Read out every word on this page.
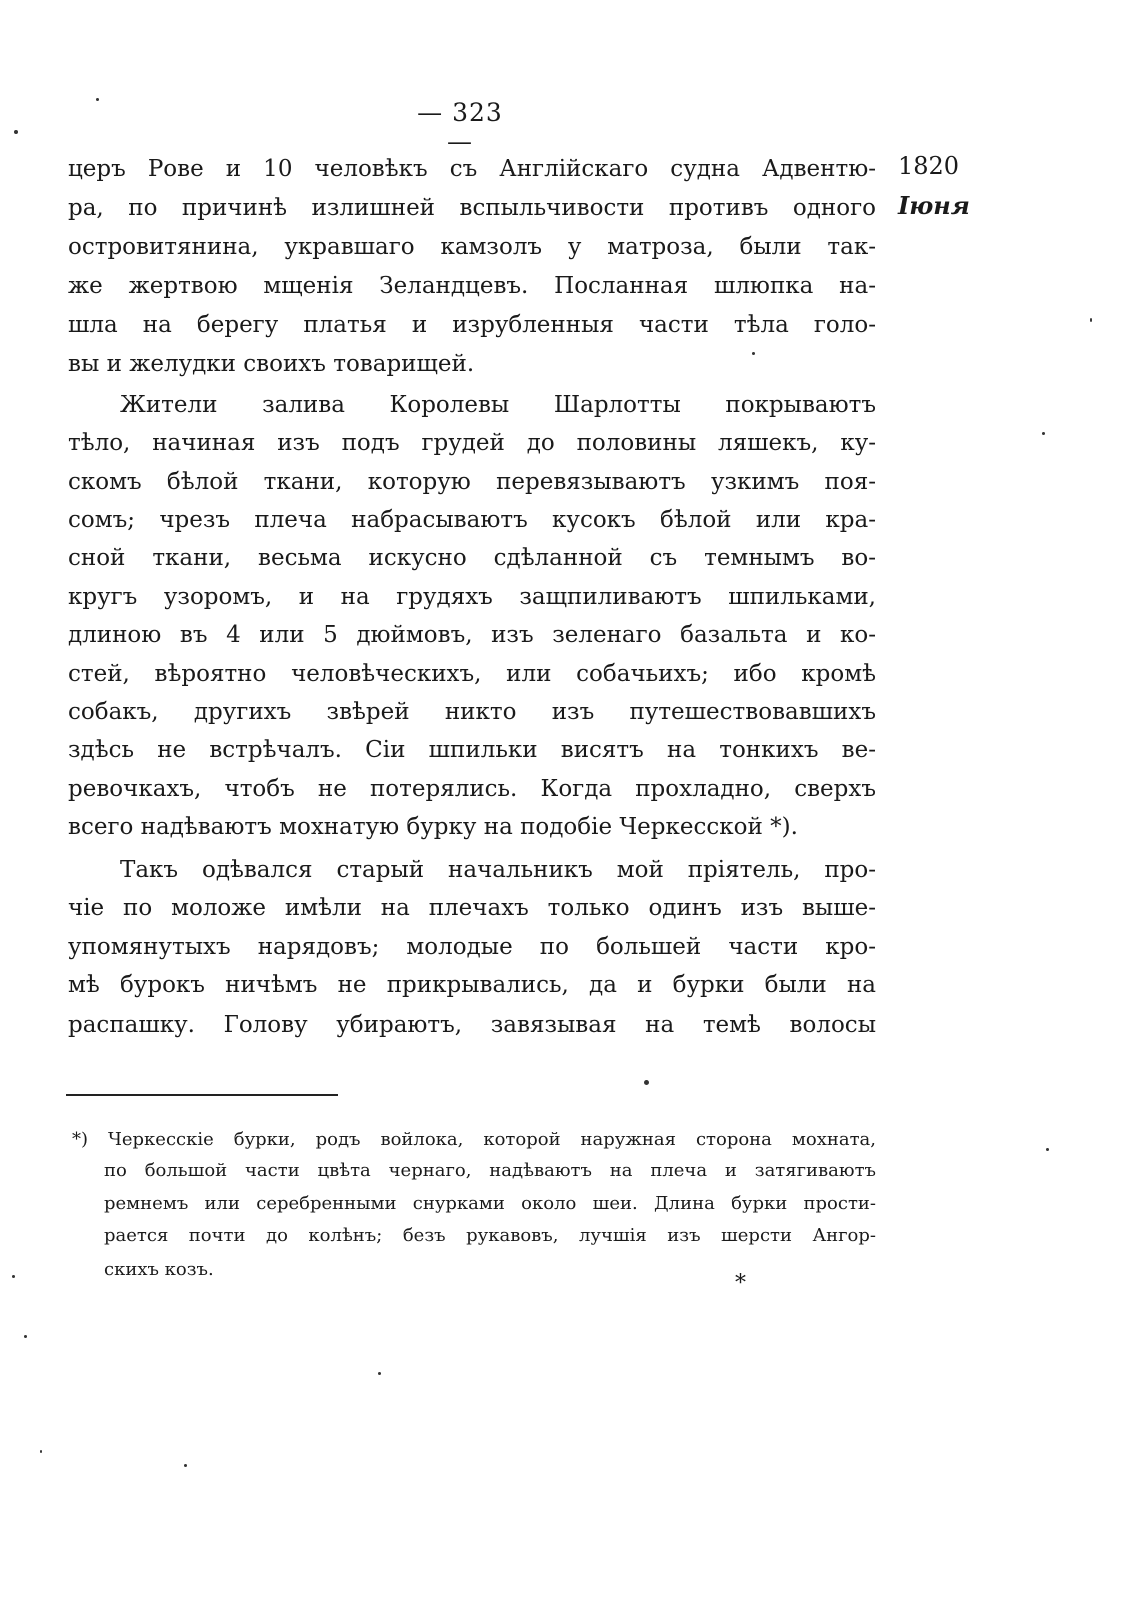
— 323 —
1820
Іюня
церъ Рове и 10 человѣкъ съ Англійскаго судна Адвентю-
ра, по причинѣ излишней вспыльчивости противъ одного
островитянина, укравшаго камзолъ у матроза, были так-
же жертвою мщенія Зеландцевъ. Посланная шлюпка на-
шла на берегу платья и изрубленныя части тѣла голо-
вы и желудки своихъ товарищей.
Жители залива Королевы Шарлотты покрываютъ
тѣло, начиная изъ подъ грудей до половины ляшекъ, ку-
скомъ бѣлой ткани, которую перевязываютъ узкимъ поя-
сомъ; чрезъ плеча набрасываютъ кусокъ бѣлой или кра-
сной ткани, весьма искусно сдѣланной съ темнымъ во-
кругъ узоромъ, и на грудяхъ защпиливаютъ шпильками,
длиною въ 4 или 5 дюймовъ, изъ зеленаго базальта и ко-
стей, вѣроятно человѣческихъ, или собачьихъ; ибо кромѣ
собакъ, другихъ звѣрей никто изъ путешествовавшихъ
здѣсь не встрѣчалъ. Сіи шпильки висятъ на тонкихъ ве-
ревочкахъ, чтобъ не потерялись. Когда прохладно, сверхъ
всего надѣваютъ мохнатую бурку на подобіе Черкесской *).
Такъ одѣвался старый начальникъ мой пріятель, про-
чіе по моложе имѣли на плечахъ только одинъ изъ выше-
упомянутыхъ нарядовъ; молодые по большей части кро-
мѣ бурокъ ничѣмъ не прикрывались, да и бурки были на
распашку. Голову убираютъ, завязывая на темѣ волосы
*) Черкесскіе бурки, родъ войлока, которой наружная сторона мохната,
по большой части цвѣта чернаго, надѣваютъ на плеча и затягиваютъ
ремнемъ или серебренными снурками около шеи. Длина бурки прости-
рается почти до колѣнъ; безъ рукавовъ, лучшія изъ шерсти Ангор-
скихъ козъ.
*
